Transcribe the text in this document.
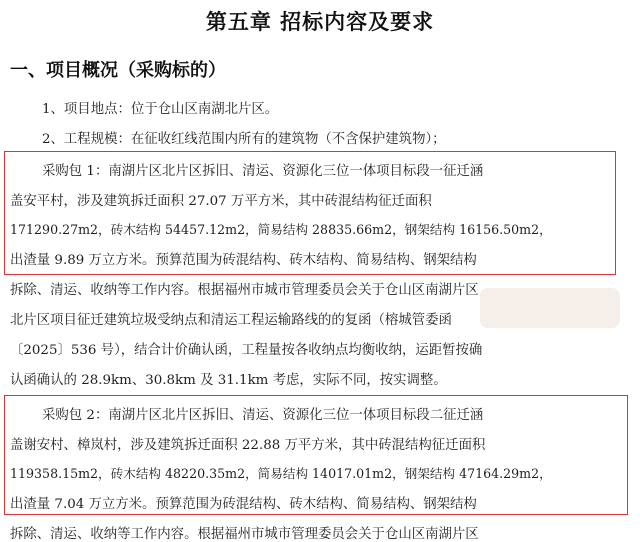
第五章 招标内容及要求
一、项目概况（采购标的）
1、项目地点：位于仓山区南湖北片区。
2、工程规模：在征收红线范围内所有的建筑物（不含保护建筑物）；
采购包 1：南湖片区北片区拆旧、清运、资源化三位一体项目标段一征迁涵
盖安平村，涉及建筑拆迁面积 27.07 万平方米，其中砖混结构征迁面积
171290.27m2，砖木结构 54457.12m2，简易结构 28835.66m2，钢架结构 16156.50m2，
出渣量 9.89 万立方米。预算范围为砖混结构、砖木结构、简易结构、钢架结构
拆除、清运、收纳等工作内容。根据福州市城市管理委员会关于仓山区南湖片区
北片区项目征迁建筑垃圾受纳点和清运工程运输路线的的复函（榕城管委函
〔2025〕536 号），结合计价确认函，工程量按各收纳点均衡收纳，运距暂按确
认函确认的 28.9km、30.8km 及 31.1km 考虑，实际不同，按实调整。
采购包 2：南湖片区北片区拆旧、清运、资源化三位一体项目标段二征迁涵
盖谢安村、樟岚村，涉及建筑拆迁面积 22.88 万平方米，其中砖混结构征迁面积
119358.15m2，砖木结构 48220.35m2，简易结构 14017.01m2，钢架结构 47164.29m2，
出渣量 7.04 万立方米。预算范围为砖混结构、砖木结构、简易结构、钢架结构
拆除、清运、收纳等工作内容。根据福州市城市管理委员会关于仓山区南湖片区
